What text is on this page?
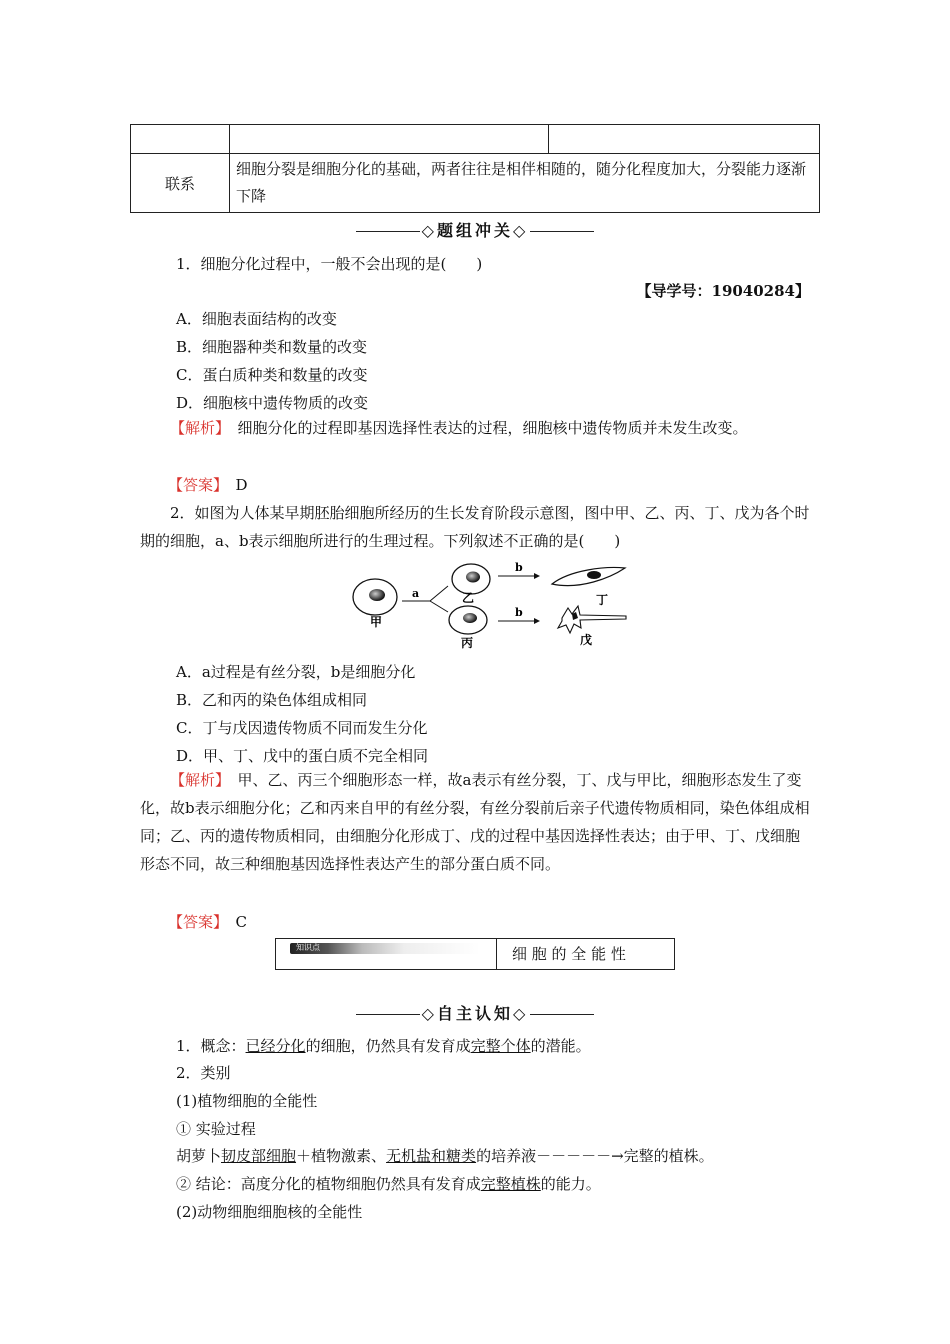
联系	细胞分裂是细胞分化的基础，两者往往是相伴相随的，随分化程度加大，分裂能力逐渐下降	
◇题组冲关◇
1．细胞分化过程中，一般不会出现的是(　　)
【导学号：19040284】
A．细胞表面结构的改变
B．细胞器种类和数量的改变
C．蛋白质种类和数量的改变
D．细胞核中遗传物质的改变
【解析】　 细胞分化的过程即基因选择性表达的过程，细胞核中遗传物质并未发生改变。
【答案】　 D
2．如图为人体某早期胚胎细胞所经历的生长发育阶段示意图，图中甲、乙、丙、丁、戊为各个时期的细胞，a、b表示细胞所进行的生理过程。下列叙述不正确的是(　　)
甲
a	乙
丙
b
b
丁
戊
A．a过程是有丝分裂，b是细胞分化
B．乙和丙的染色体组成相同
C．丁与戊因遗传物质不同而发生分化
D．甲、丁、戊中的蛋白质不完全相同
【解析】　 甲、乙、丙三个细胞形态一样，故a表示有丝分裂，丁、戊与甲比，细胞形态发生了变化，故b表示细胞分化；乙和丙来自甲的有丝分裂，有丝分裂前后亲子代遗传物质相同，染色体组成相同；乙、丙的遗传物质相同，由细胞分化形成丁、戊的过程中基因选择性表达；由于甲、丁、戊细胞形态不同，故三种细胞基因选择性表达产生的部分蛋白质不同。
【答案】　 C
知识点	细 胞 的 全 能 性
◇自主认知◇
1．概念：已经分化的细胞，仍然具有发育成完整个体的潜能。
2．类别
(1)植物细胞的全能性
① 实验过程
胡萝卜韧皮部细胞＋植物激素、无机盐和糖类的培养液－－－－－→完整的植株。
② 结论：高度分化的植物细胞仍然具有发育成完整植株的能力。
(2)动物细胞细胞核的全能性
